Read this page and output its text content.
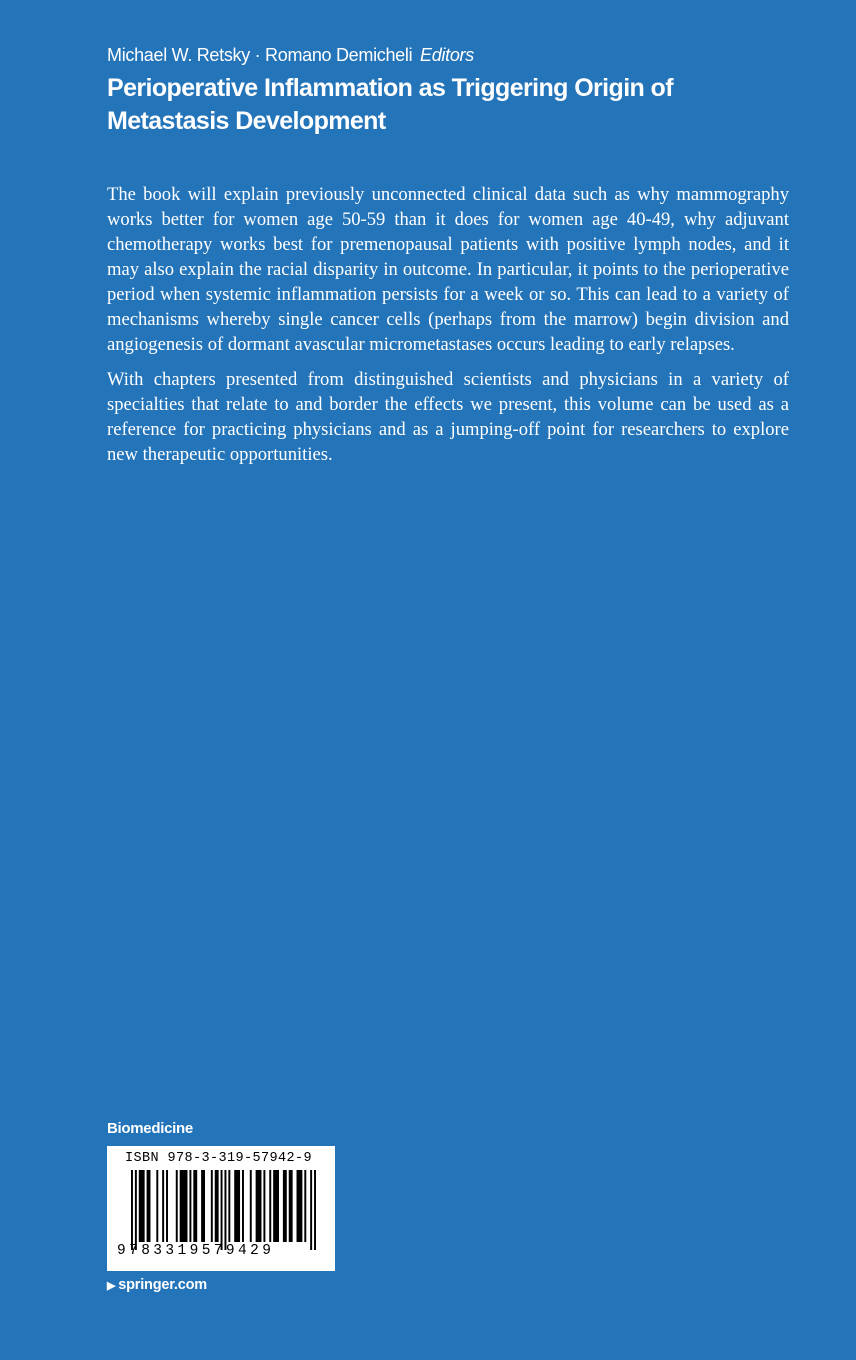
Michael W. Retsky · Romano Demicheli Editors
Perioperative Inflammation as Triggering Origin of Metastasis Development

The book will explain previously unconnected clinical data such as why mammography works better for women age 50-59 than it does for women age 40-49, why adjuvant chemotherapy works best for premenopausal patients with positive lymph nodes, and it may also explain the racial disparity in outcome. In particular, it points to the perioperative period when systemic inflammation persists for a week or so. This can lead to a variety of mechanisms whereby single cancer cells (perhaps from the marrow) begin division and angiogenesis of dormant avascular micrometastases occurs leading to early relapses.

With chapters presented from distinguished scientists and physicians in a variety of specialties that relate to and border the effects we present, this volume can be used as a reference for practicing physicians and as a jumping-off point for researchers to explore new therapeutic opportunities.

Biomedicine
ISBN 978-3-319-57942-9
9783319579429
▶ springer.com
